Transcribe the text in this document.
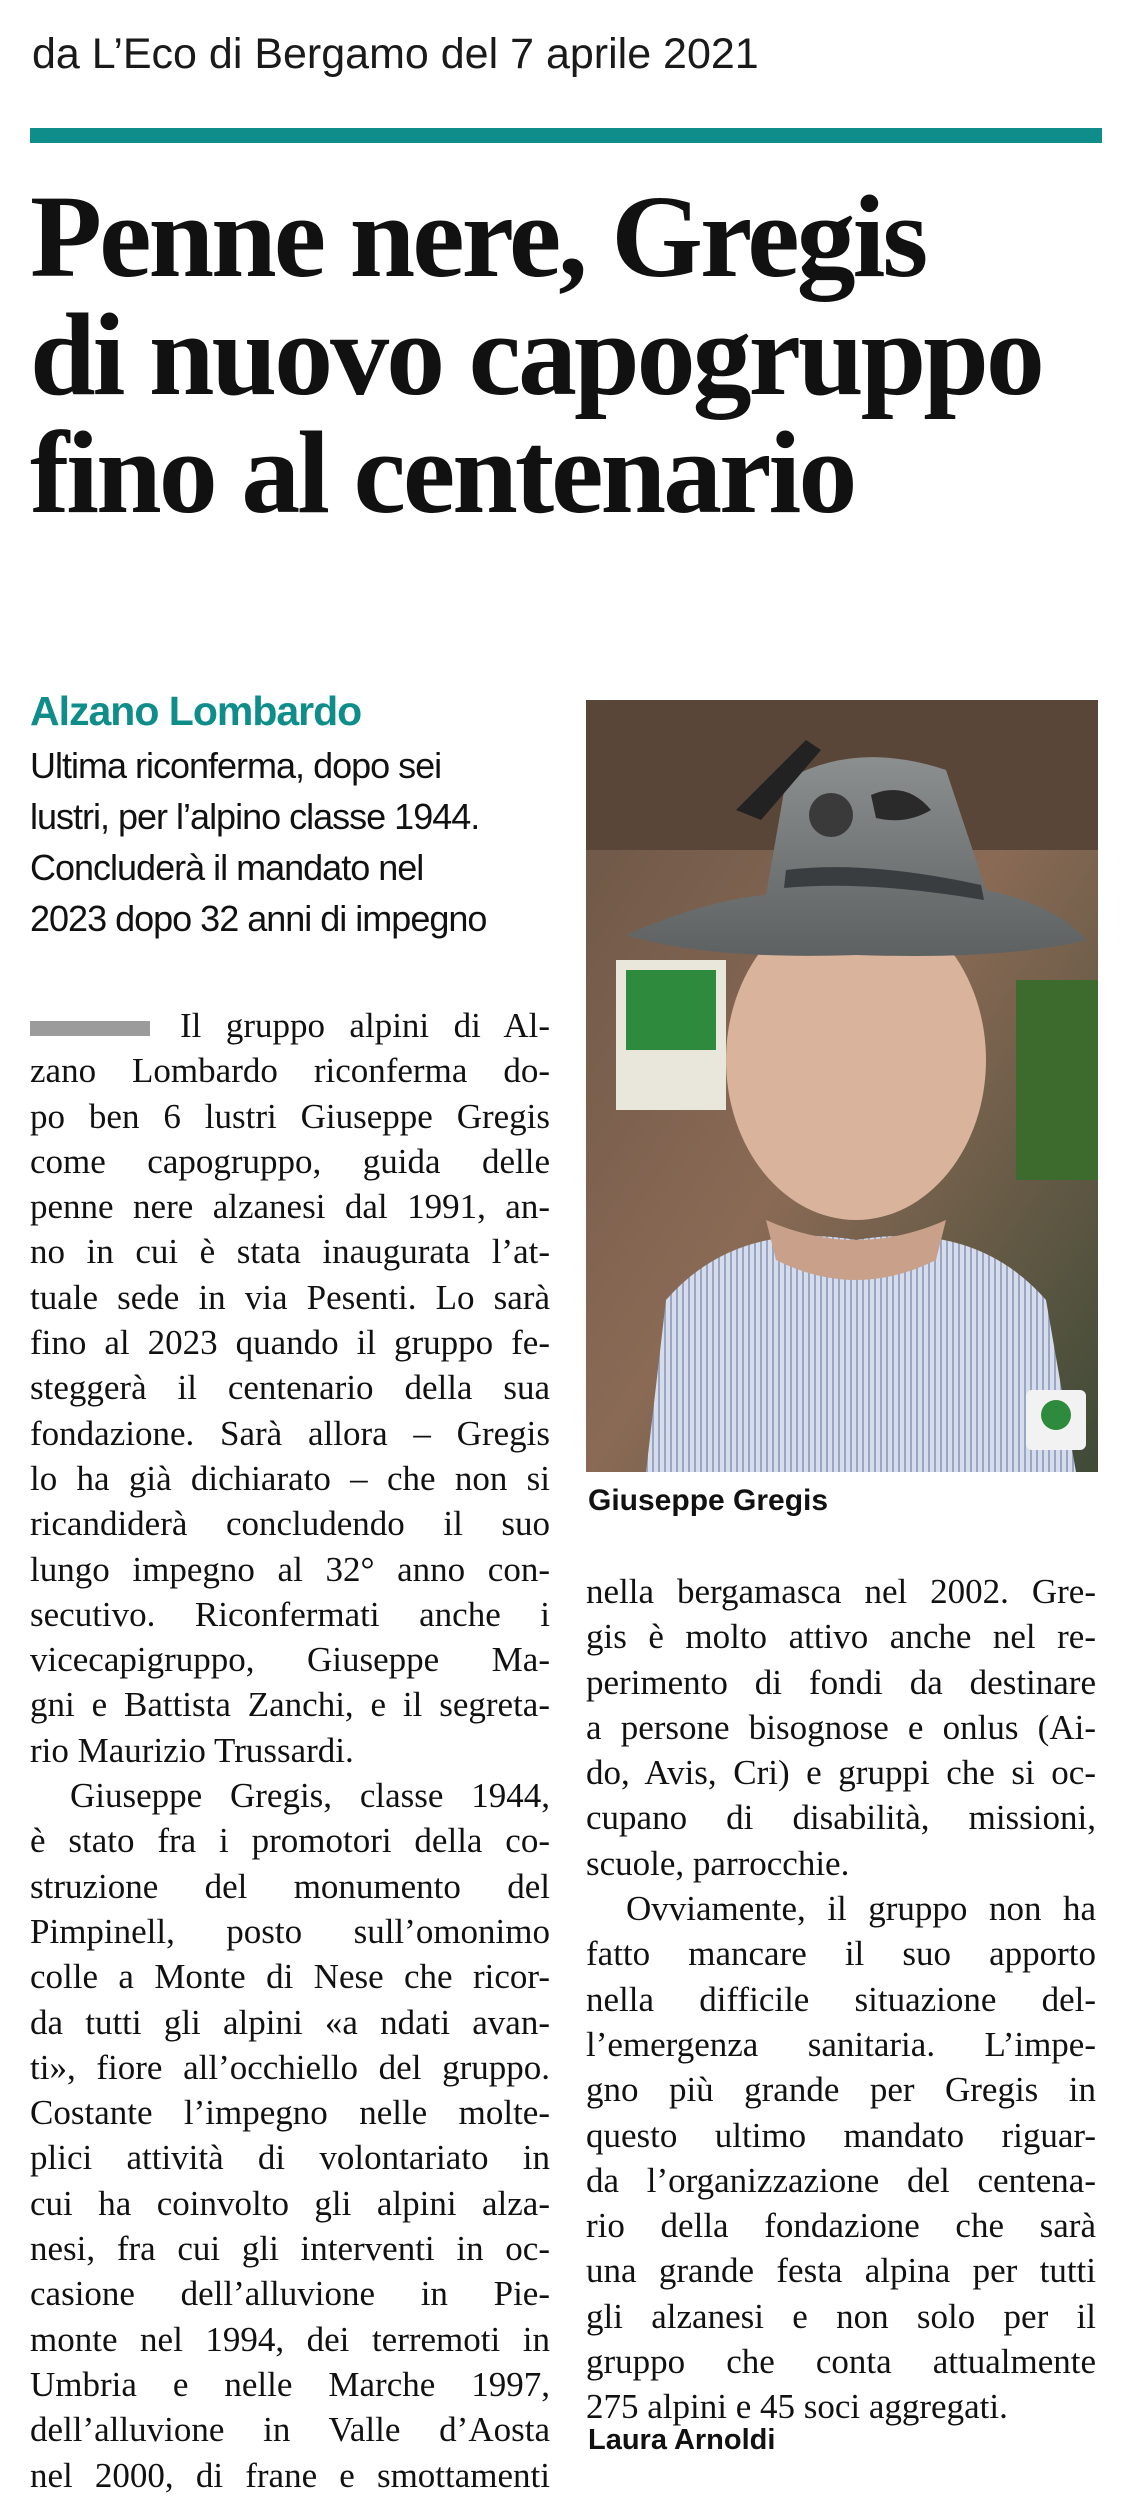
da L’Eco di Bergamo del 7 aprile 2021
Penne nere, Gregis
di nuovo capogruppo
fino al centenario
Alzano Lombardo
Ultima riconferma, dopo sei
lustri, per l’alpino classe 1944.
Concluderà il mandato nel
2023 dopo 32 anni di impegno
Giuseppe Gregis
Il gruppo alpini di Al-
zano Lombardo riconferma do-
po ben 6 lustri Giuseppe Gregis
come capogruppo, guida delle
penne nere alzanesi dal 1991, an-
no in cui è stata inaugurata l’at-
tuale sede in via Pesenti. Lo sarà
fino al 2023 quando il gruppo fe-
steggerà il centenario della sua
fondazione. Sarà allora – Gregis
lo ha già dichiarato – che non si
ricandiderà concludendo il suo
lungo impegno al 32° anno con-
secutivo. Riconfermati anche i
vicecapigruppo, Giuseppe Ma-
gni e Battista Zanchi, e il segreta-
rio Maurizio Trussardi.
Giuseppe Gregis, classe 1944,
è stato fra i promotori della co-
struzione del monumento del
Pimpinell, posto sull’omonimo
colle a Monte di Nese che ricor-
da tutti gli alpini «a ndati avan-
ti», fiore all’occhiello del gruppo.
Costante l’impegno nelle molte-
plici attività di volontariato in
cui ha coinvolto gli alpini alza-
nesi, fra cui gli interventi in oc-
casione dell’alluvione in Pie-
monte nel 1994, dei terremoti in
Umbria e nelle Marche 1997,
dell’alluvione in Valle d’Aosta
nel 2000, di frane e smottamenti
nella bergamasca nel 2002. Gre-
gis è molto attivo anche nel re-
perimento di fondi da destinare
a persone bisognose e onlus (Ai-
do, Avis, Cri) e gruppi che si oc-
cupano di disabilità, missioni,
scuole, parrocchie.
Ovviamente, il gruppo non ha
fatto mancare il suo apporto
nella difficile situazione del-
l’emergenza sanitaria. L’impe-
gno più grande per Gregis in
questo ultimo mandato riguar-
da l’organizzazione del centena-
rio della fondazione che sarà
una grande festa alpina per tutti
gli alzanesi e non solo per il
gruppo che conta attualmente
275 alpini e 45 soci aggregati.
Laura Arnoldi
